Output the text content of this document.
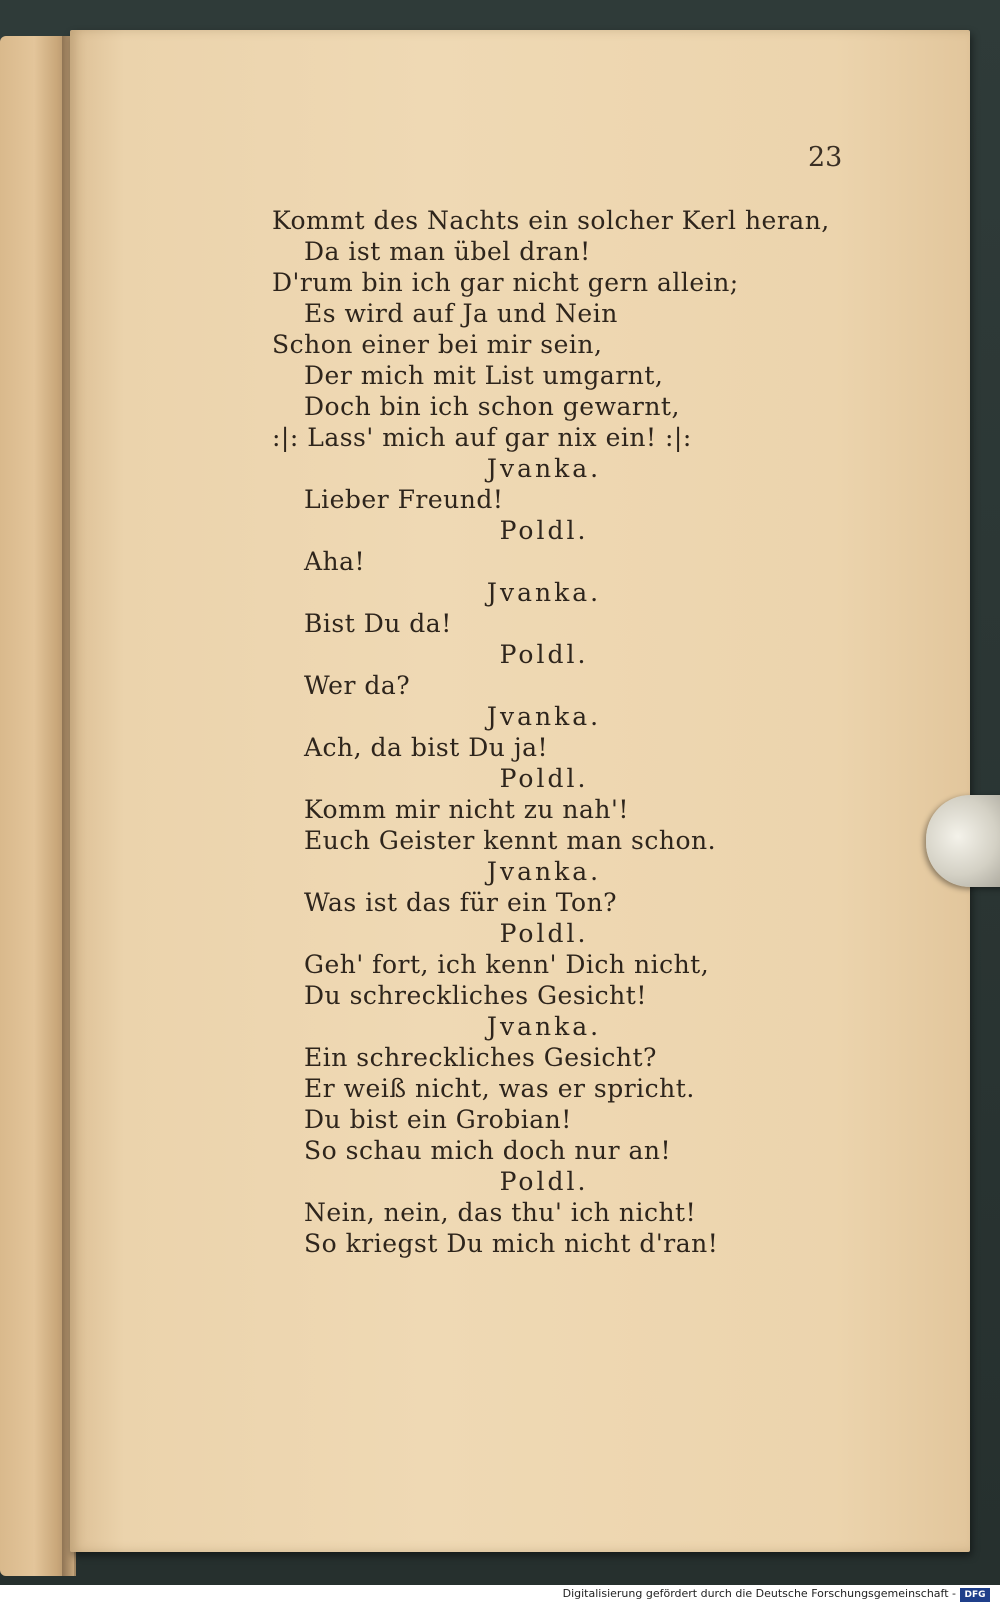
23
Kommt des Nachts ein solcher Kerl heran,
Da ist man übel dran!
D'rum bin ich gar nicht gern allein;
Es wird auf Ja und Nein
Schon einer bei mir sein,
Der mich mit List umgarnt,
Doch bin ich schon gewarnt,
:|: Lass' mich auf gar nix ein! :|:
Jvanka.
Lieber Freund!
Poldl.
Aha!
Jvanka.
Bist Du da!
Poldl.
Wer da?
Jvanka.
Ach, da bist Du ja!
Poldl.
Komm mir nicht zu nah'!
Euch Geister kennt man schon.
Jvanka.
Was ist das für ein Ton?
Poldl.
Geh' fort, ich kenn' Dich nicht,
Du schreckliches Gesicht!
Jvanka.
Ein schreckliches Gesicht?
Er weiß nicht, was er spricht.
Du bist ein Grobian!
So schau mich doch nur an!
Poldl.
Nein, nein, das thu' ich nicht!
So kriegst Du mich nicht d'ran!
Digitalisierung gefördert durch die Deutsche Forschungsgemeinschaft - DFG
